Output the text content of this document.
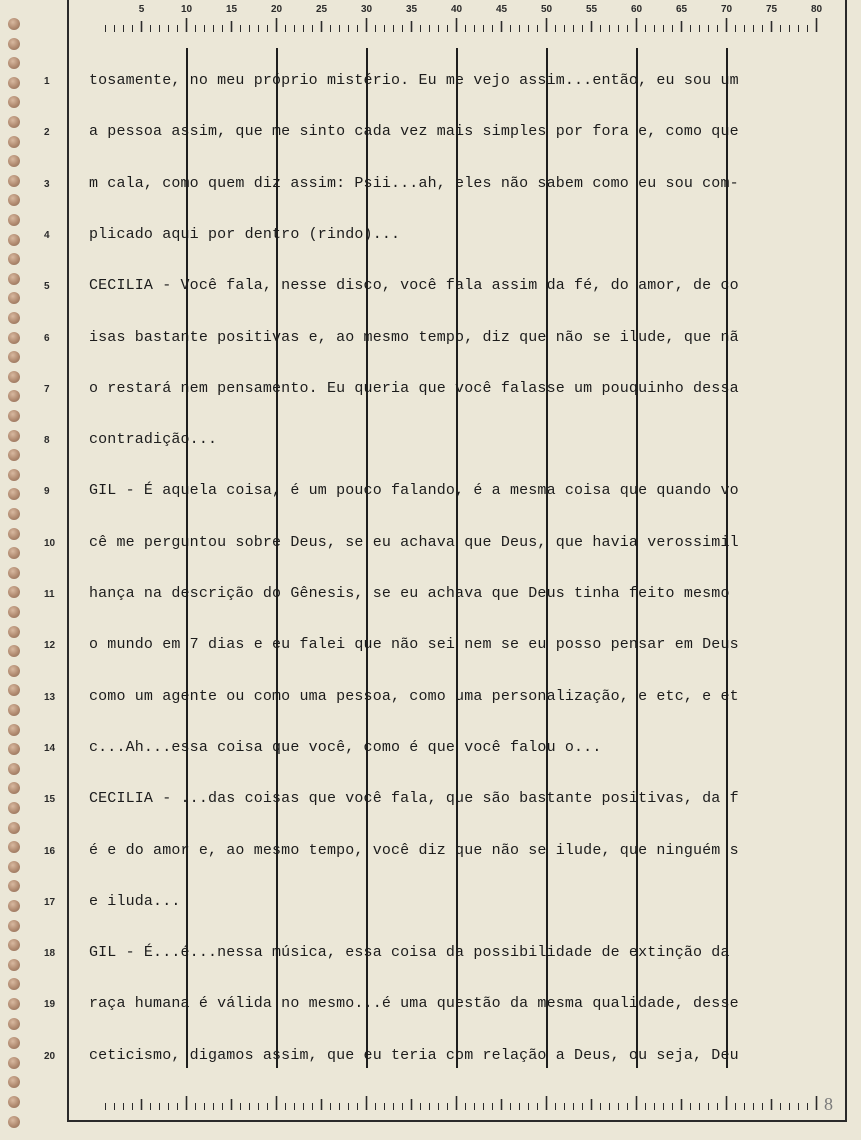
5	10	15	20	25	30	35	40	45	50	55	60	65	70	75	80
1
2
3
4
5
6
7
8
9
10
11
12
13
14
15
16
17
18
19
20
tosamente, no meu próprio mistério. Eu me vejo assim...então, eu sou um
a pessoa assim, que me sinto cada vez mais simples por fora e, como que
m cala, como quem diz assim: Psii...ah, eles não sabem como eu sou com-
plicado aqui por dentro (rindo)...
CECILIA - Você fala, nesse disco, você fala assim da fé, do amor, de co
isas bastante positivas e, ao mesmo tempo, diz que não se ilude, que nã
o restará nem pensamento. Eu queria que você falasse um pouquinho dessa
contradição...
GIL - É aquela coisa, é um pouco falando, é a mesma coisa que quando vo
cê me perguntou sobre Deus, se eu achava que Deus, que havia verossimil
hança na descrição do Gênesis, se eu achava que Deus tinha feito mesmo
o mundo em 7 dias e eu falei que não sei nem se eu posso pensar em Deus
como um agente ou como uma pessoa, como uma personalização, e etc, e et
c...Ah...essa coisa que você, como é que você falou o...
CECILIA - ...das coisas que você fala, que são bastante positivas, da f
é e do amor e, ao mesmo tempo, você diz que não se ilude, que ninguém s
e iluda...
GIL - É...é...nessa música, essa coisa da possibilidade de extinção da
raça humana é válida no mesmo...é uma questão da mesma qualidade, desse
ceticismo, digamos assim, que eu teria com relação a Deus, ou seja, Deu
8
